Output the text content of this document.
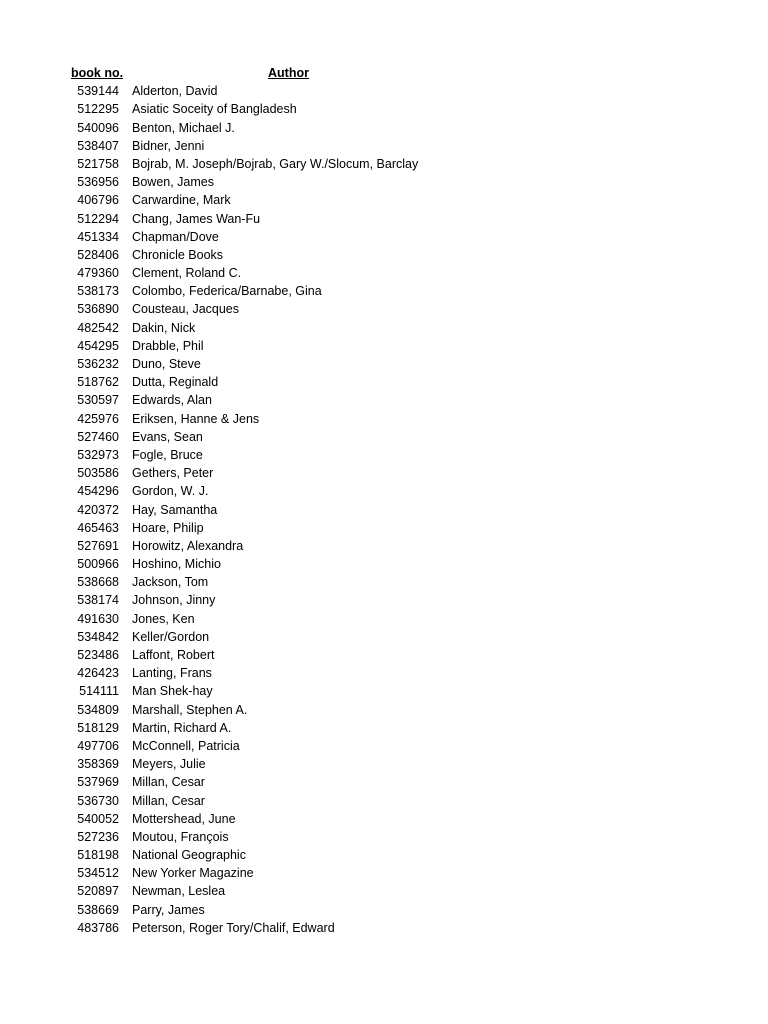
book no.	Author
539144 Alderton, David
512295 Asiatic Soceity of Bangladesh
540096 Benton, Michael J.
538407 Bidner, Jenni
521758 Bojrab, M. Joseph/Bojrab, Gary W./Slocum, Barclay
536956 Bowen, James
406796 Carwardine, Mark
512294 Chang, James Wan-Fu
451334 Chapman/Dove
528406 Chronicle Books
479360 Clement, Roland C.
538173 Colombo, Federica/Barnabe, Gina
536890 Cousteau, Jacques
482542 Dakin, Nick
454295 Drabble, Phil
536232 Duno, Steve
518762 Dutta, Reginald
530597 Edwards, Alan
425976 Eriksen, Hanne & Jens
527460 Evans, Sean
532973 Fogle, Bruce
503586 Gethers, Peter
454296 Gordon, W. J.
420372 Hay, Samantha
465463 Hoare, Philip
527691 Horowitz, Alexandra
500966 Hoshino, Michio
538668 Jackson, Tom
538174 Johnson, Jinny
491630 Jones, Ken
534842 Keller/Gordon
523486 Laffont, Robert
426423 Lanting, Frans
514111 Man Shek-hay
534809 Marshall, Stephen A.
518129 Martin, Richard A.
497706 McConnell, Patricia
358369 Meyers, Julie
537969 Millan, Cesar
536730 Millan, Cesar
540052 Mottershead, June
527236 Moutou, François
518198 National Geographic
534512 New Yorker Magazine
520897 Newman, Leslea
538669 Parry, James
483786 Peterson, Roger Tory/Chalif, Edward
